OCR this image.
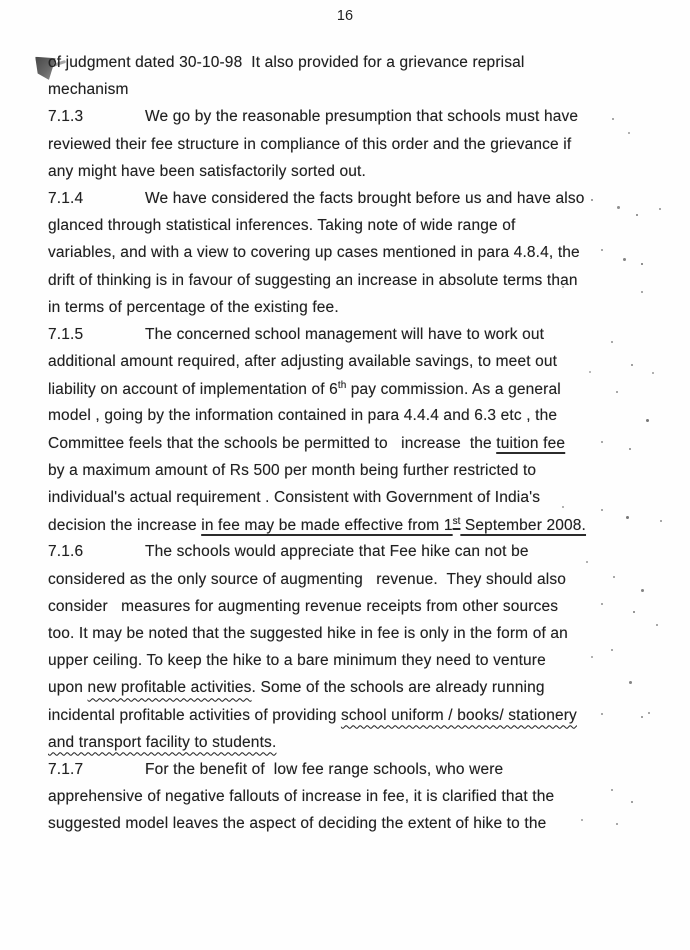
16
of judgment dated 30-10-98  It also provided for a grievance reprisal
mechanism
7.1.3	We go by the reasonable presumption that schools must have
reviewed their fee structure in compliance of this order and the grievance if
any might have been satisfactorily sorted out.
7.1.4	We have considered the facts brought before us and have also
glanced through statistical inferences. Taking note of wide range of
variables, and with a view to covering up cases mentioned in para 4.8.4, the
drift of thinking is in favour of suggesting an increase in absolute terms than
in terms of percentage of the existing fee.
7.1.5	The concerned school management will have to work out
additional amount required, after adjusting available savings, to meet out
liability on account of implementation of 6th pay commission. As a general
model , going by the information contained in para 4.4.4 and 6.3 etc , the
Committee feels that the schools be permitted to   increase  the tuition fee
by a maximum amount of Rs 500 per month being further restricted to
individual's actual requirement . Consistent with Government of India's
decision the increase in fee may be made effective from 1st September 2008.
7.1.6	The schools would appreciate that Fee hike can not be
considered as the only source of augmenting   revenue.  They should also
consider   measures for augmenting revenue receipts from other sources
too. It may be noted that the suggested hike in fee is only in the form of an
upper ceiling. To keep the hike to a bare minimum they need to venture
upon new profitable activities. Some of the schools are already running
incidental profitable activities of providing school uniform / books/ stationery
and transport facility to students.
7.1.7	For the benefit of  low fee range schools, who were
apprehensive of negative fallouts of increase in fee, it is clarified that the
suggested model leaves the aspect of deciding the extent of hike to the
